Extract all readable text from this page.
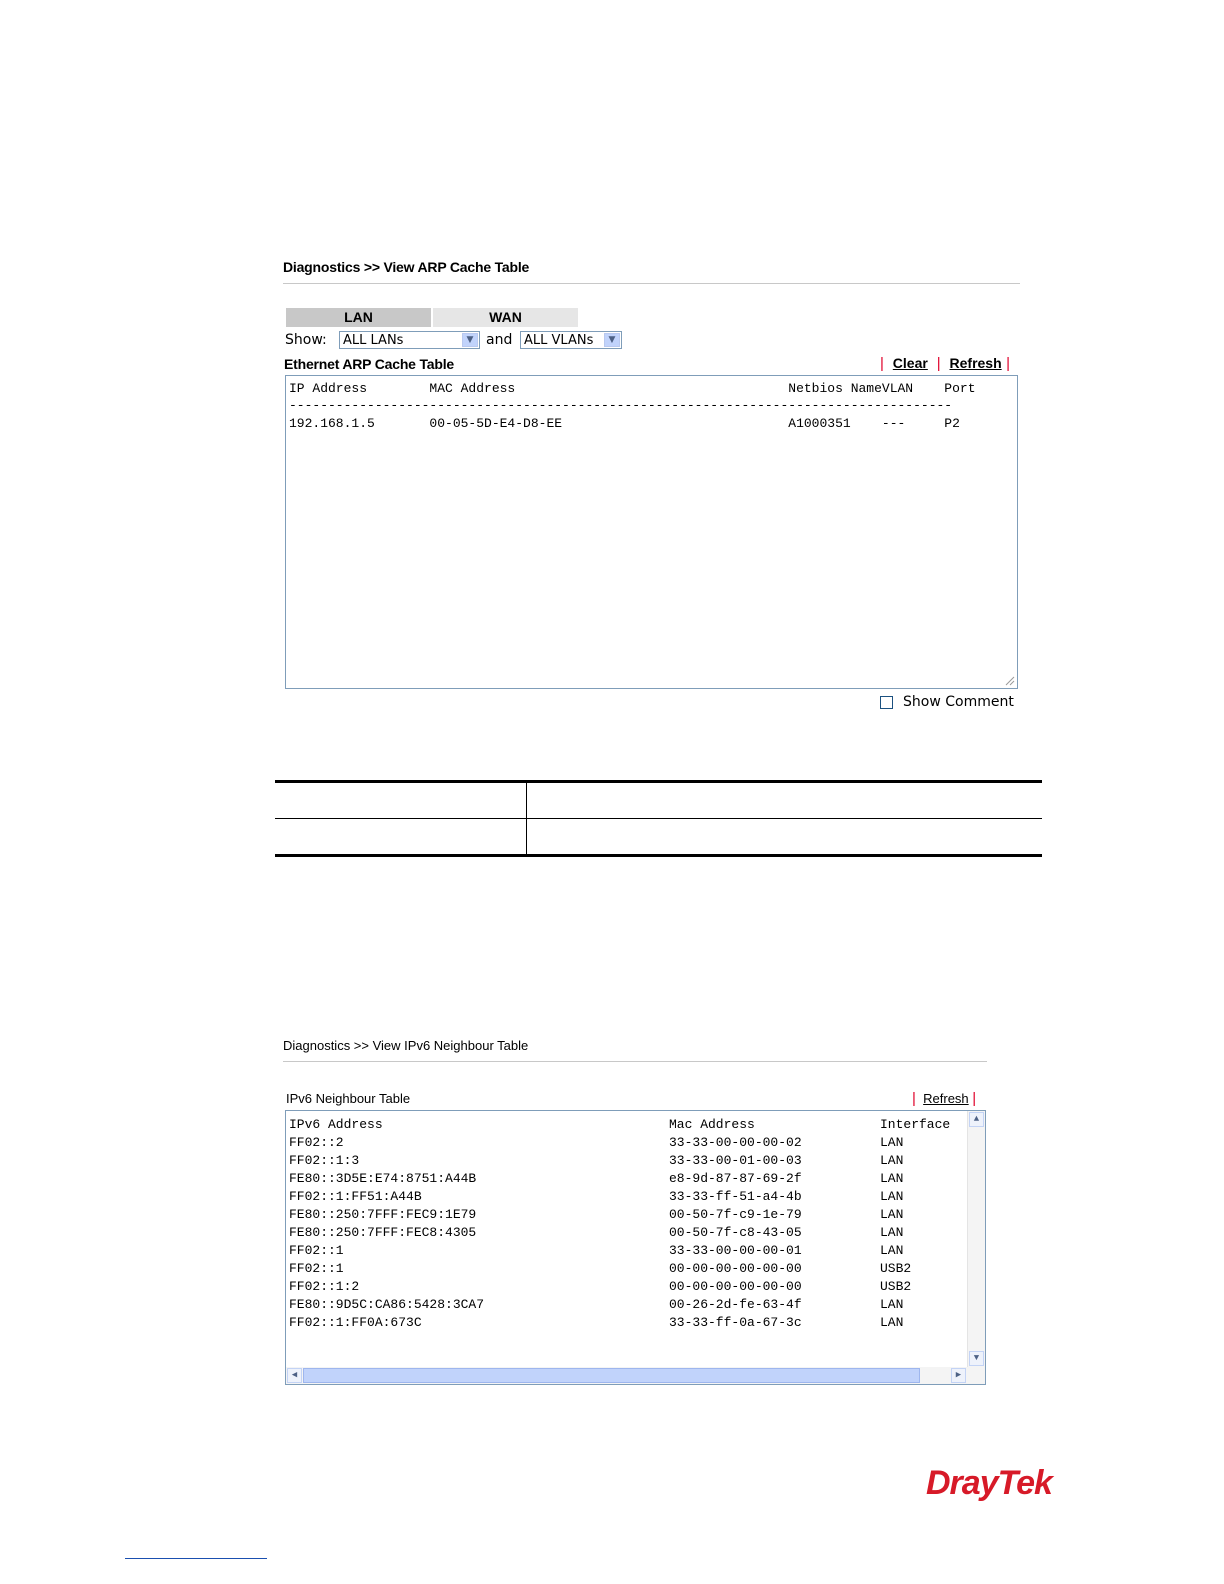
Diagnostics >> View ARP Cache Table
LAN	WAN
Show:	ALL LANs	▼ and ALL VLANs	▼
Ethernet ARP Cache Table	| Clear | Refresh |
IP Address        MAC Address                                   Netbios NameVLAN    Port
-------------------------------------------------------------------------------------
192.168.1.5       00-05-5D-E4-D8-EE                             A1000351    ---     P2
Show Comment
Diagnostics >> View IPv6 Neighbour Table
IPv6 Neighbour Table	| Refresh |
IPv6 Address	Mac Address	Interface
FF02::2	33-33-00-00-00-02	LAN
FF02::1:3	33-33-00-01-00-03	LAN
FE80::3D5E:E74:8751:A44B	e8-9d-87-87-69-2f	LAN
FF02::1:FF51:A44B	33-33-ff-51-a4-4b	LAN
FE80::250:7FFF:FEC9:1E79	00-50-7f-c9-1e-79	LAN
FE80::250:7FFF:FEC8:4305	00-50-7f-c8-43-05	LAN
FF02::1	33-33-00-00-00-01	LAN
FF02::1	00-00-00-00-00-00	USB2
FF02::1:2	00-00-00-00-00-00	USB2
FE80::9D5C:CA86:5428:3CA7	00-26-2d-fe-63-4f	LAN
FF02::1:FF0A:673C	33-33-ff-0a-67-3c	LAN
▲
▼
◀	▶
DrayTek
